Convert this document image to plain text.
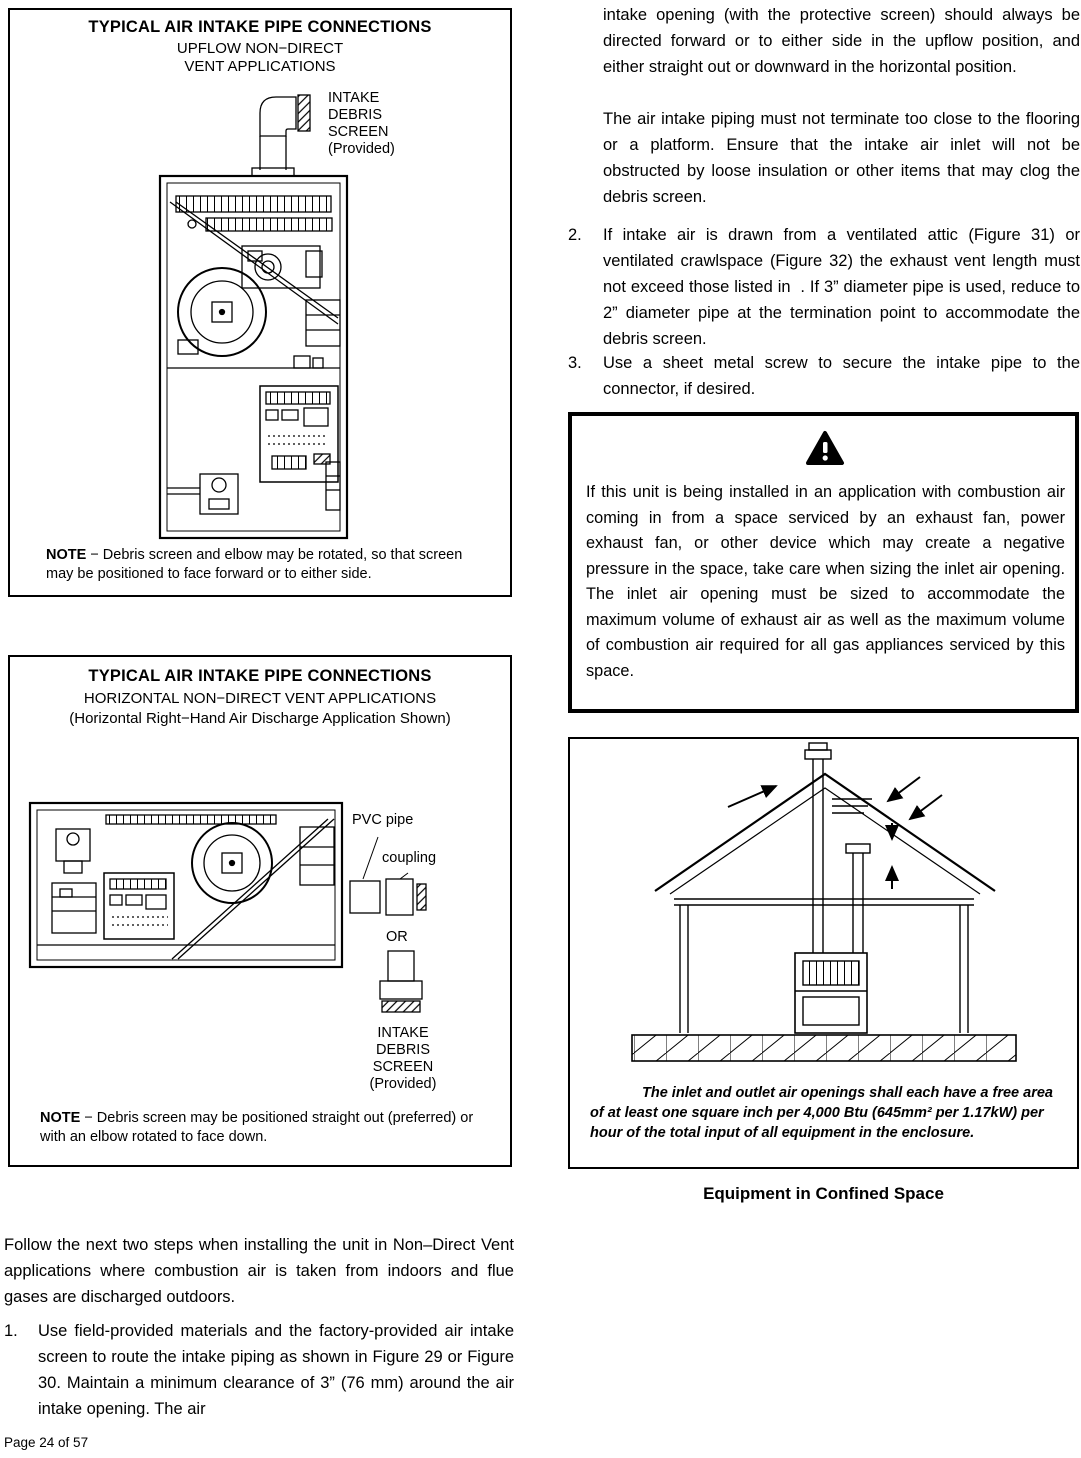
TYPICAL AIR INTAKE PIPE CONNECTIONS
UPFLOW NON−DIRECT
VENT APPLICATIONS
INTAKE
DEBRIS
SCREEN
(Provided)
NOTE − Debris screen and elbow may be rotated, so that screen may be positioned to face forward or to either side.
TYPICAL AIR INTAKE PIPE CONNECTIONS
HORIZONTAL NON−DIRECT VENT APPLICATIONS
(Horizontal Right−Hand Air Discharge Application Shown)
PVC pipe
coupling
OR
INTAKE
DEBRIS
SCREEN
(Provided)
NOTE − Debris screen may be positioned straight out (preferred) or with an elbow rotated to face down.
Follow the next two steps when installing the unit in Non–Direct Vent applications where combustion air is taken from indoors and flue gases are discharged outdoors.
1. Use field-provided materials and the factory-provided air intake screen to route the intake piping as shown in Figure 29 or Figure 30. Maintain a minimum clearance of 3” (76 mm) around the air intake opening. The air
Page 24 of 57
intake opening (with the protective screen) should always be directed forward or to either side in the upflow position, and either straight out or downward in the horizontal position.
The air intake piping must not terminate too close to the flooring or a platform. Ensure that the intake air inlet will not be obstructed by loose insulation or other items that may clog the debris screen.
2. If intake air is drawn from a ventilated attic (Figure 31) or ventilated crawlspace (Figure 32) the exhaust vent length must not exceed those listed in  . If 3” diameter pipe is used, reduce to 2” diameter pipe at the termination point to accommodate the debris screen.
3. Use a sheet metal screw to secure the intake pipe to the connector, if desired.
If this unit is being installed in an application with combustion air coming in from a space serviced by an exhaust fan, power exhaust fan, or other device which may create a negative pressure in the space, take care when sizing the inlet air opening. The inlet air opening must be sized to accommodate the maximum volume of exhaust air as well as the maximum volume of combustion air required for all gas appliances serviced by this space.
The inlet and outlet air openings shall each have a free area of at least one square inch per 4,000 Btu (645mm² per 1.17kW) per hour of the total input of all equipment in the enclosure.
Equipment in Confined Space
